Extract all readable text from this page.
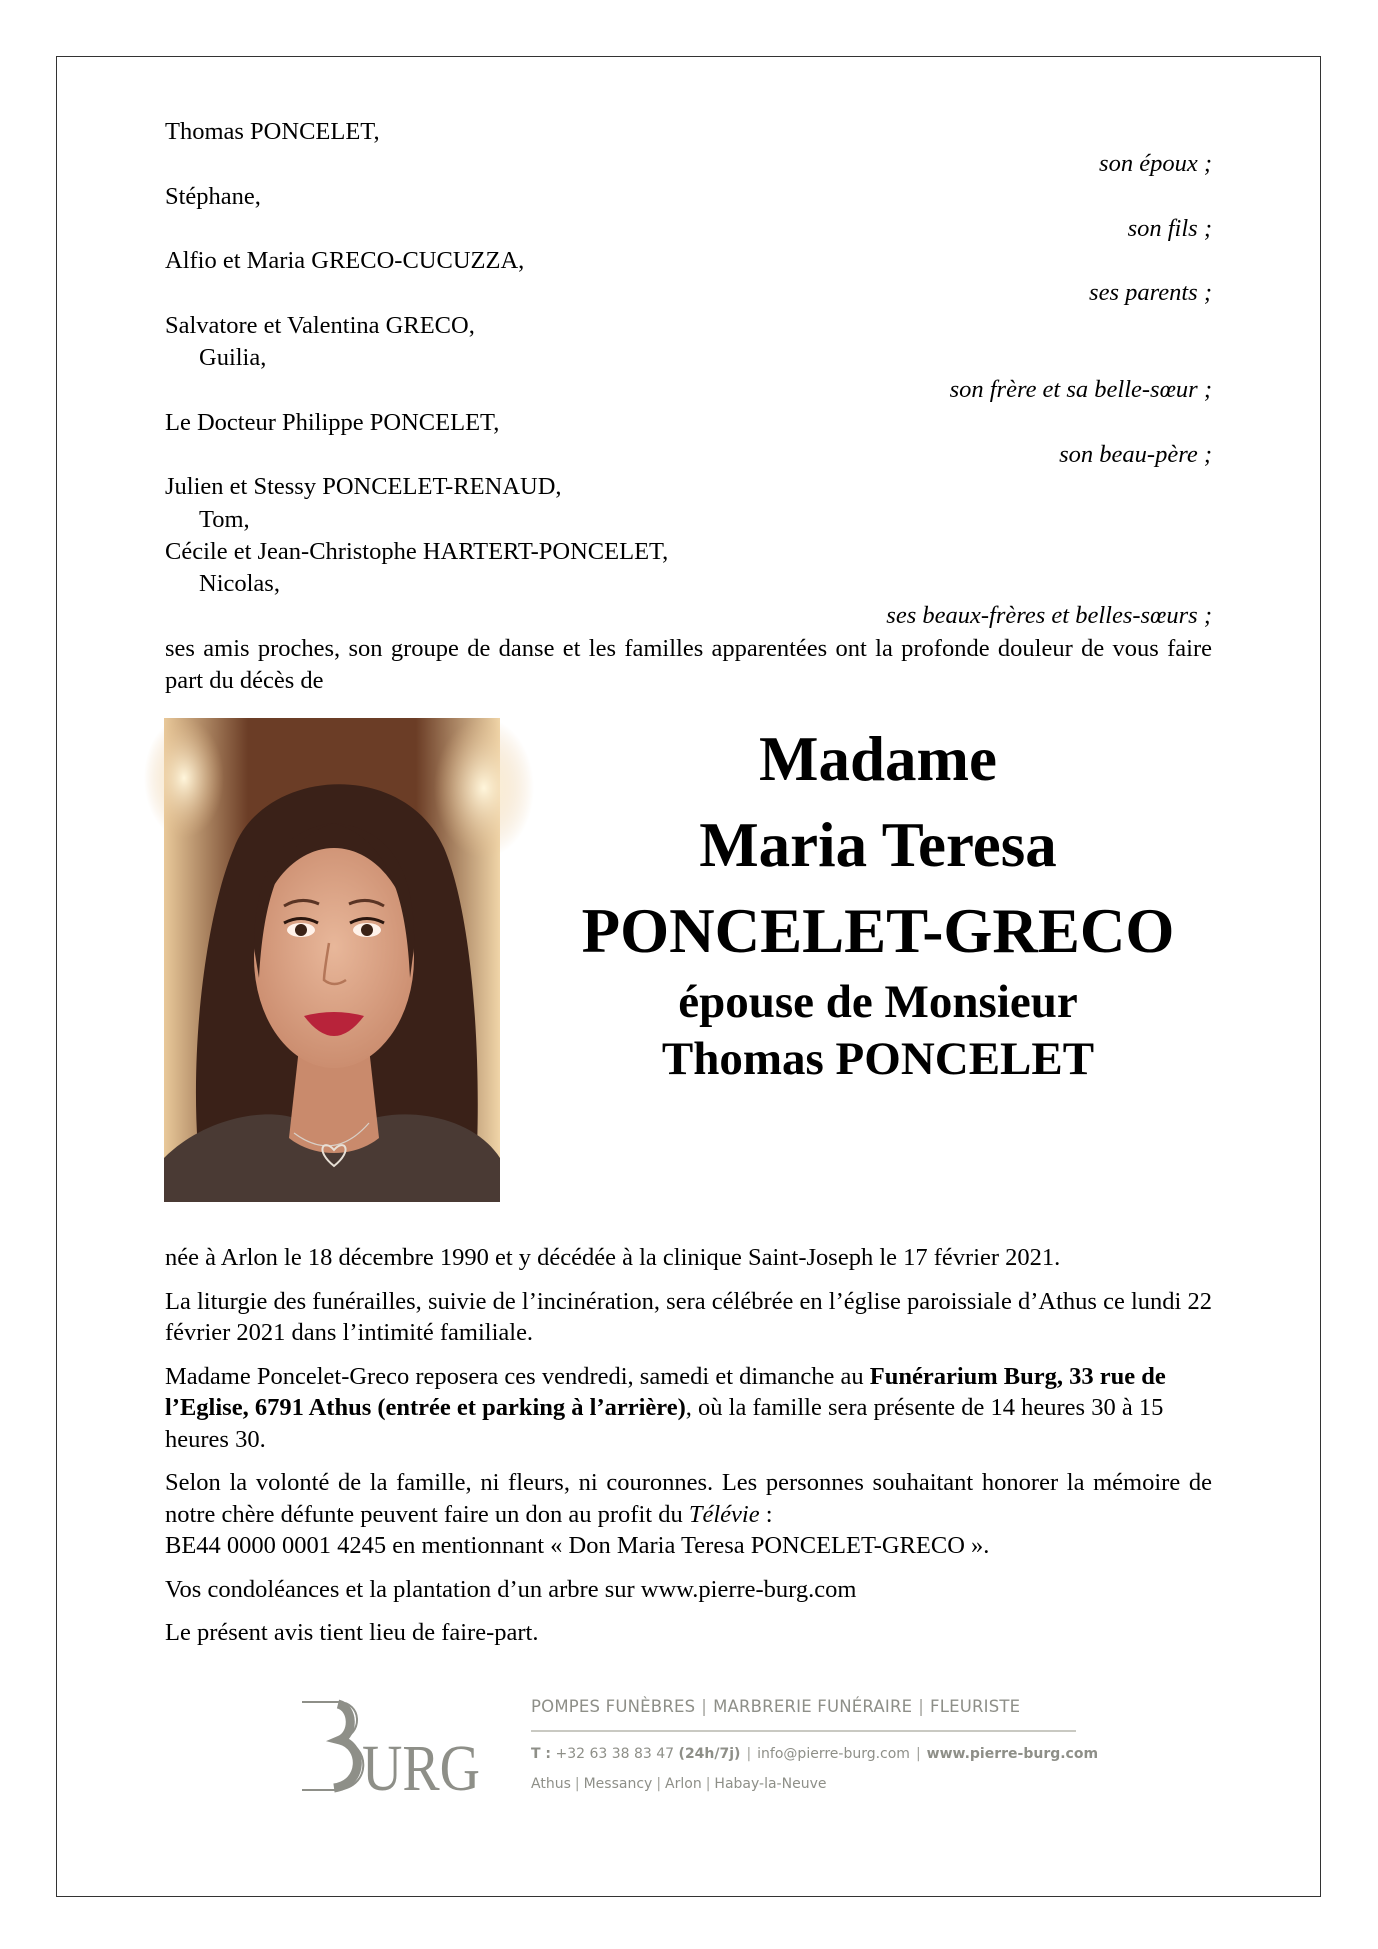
Thomas PONCELET,
son époux ;
Stéphane,
son fils ;
Alfio et Maria GRECO-CUCUZZA,
ses parents ;
Salvatore et Valentina GRECO,
Guilia,
son frère et sa belle-sœur ;
Le Docteur Philippe PONCELET,
son beau-père ;
Julien et Stessy PONCELET-RENAUD,
Tom,
Cécile et Jean-Christophe HARTERT-PONCELET,
Nicolas,
ses beaux-frères et belles-sœurs ;
ses amis proches, son groupe de danse et les familles apparentées ont la profonde douleur de vous faire part du décès de
Madame
Maria Teresa
PONCELET-GRECO
épouse de Monsieur
Thomas PONCELET

née à Arlon le 18 décembre 1990 et y décédée à la clinique Saint-Joseph le 17 février 2021.

La liturgie des funérailles, suivie de l’incinération, sera célébrée en l’église paroissiale d’Athus ce lundi 22 février 2021 dans l’intimité familiale.

Madame Poncelet-Greco reposera ces vendredi, samedi et dimanche au Funérarium Burg, 33 rue de l’Eglise, 6791 Athus (entrée et parking à l’arrière), où la famille sera présente de 14 heures 30 à 15 heures 30.

Selon la volonté de la famille, ni fleurs, ni couronnes. Les personnes souhaitant honorer la mémoire de notre chère défunte peuvent faire un don au profit du Télévie :

BE44 0000 0001 4245 en mentionnant « Don Maria Teresa PONCELET-GRECO ».

Vos condoléances et la plantation d’un arbre sur www.pierre-burg.com

Le présent avis tient lieu de faire-part.

URG
POMPES FUNÈBRES | MARBRERIE FUNÉRAIRE | FLEURISTE
T : +32 63 38 83 47 (24h/7j) | info@pierre-burg.com | www.pierre-burg.com
Athus | Messancy | Arlon | Habay-la-Neuve
